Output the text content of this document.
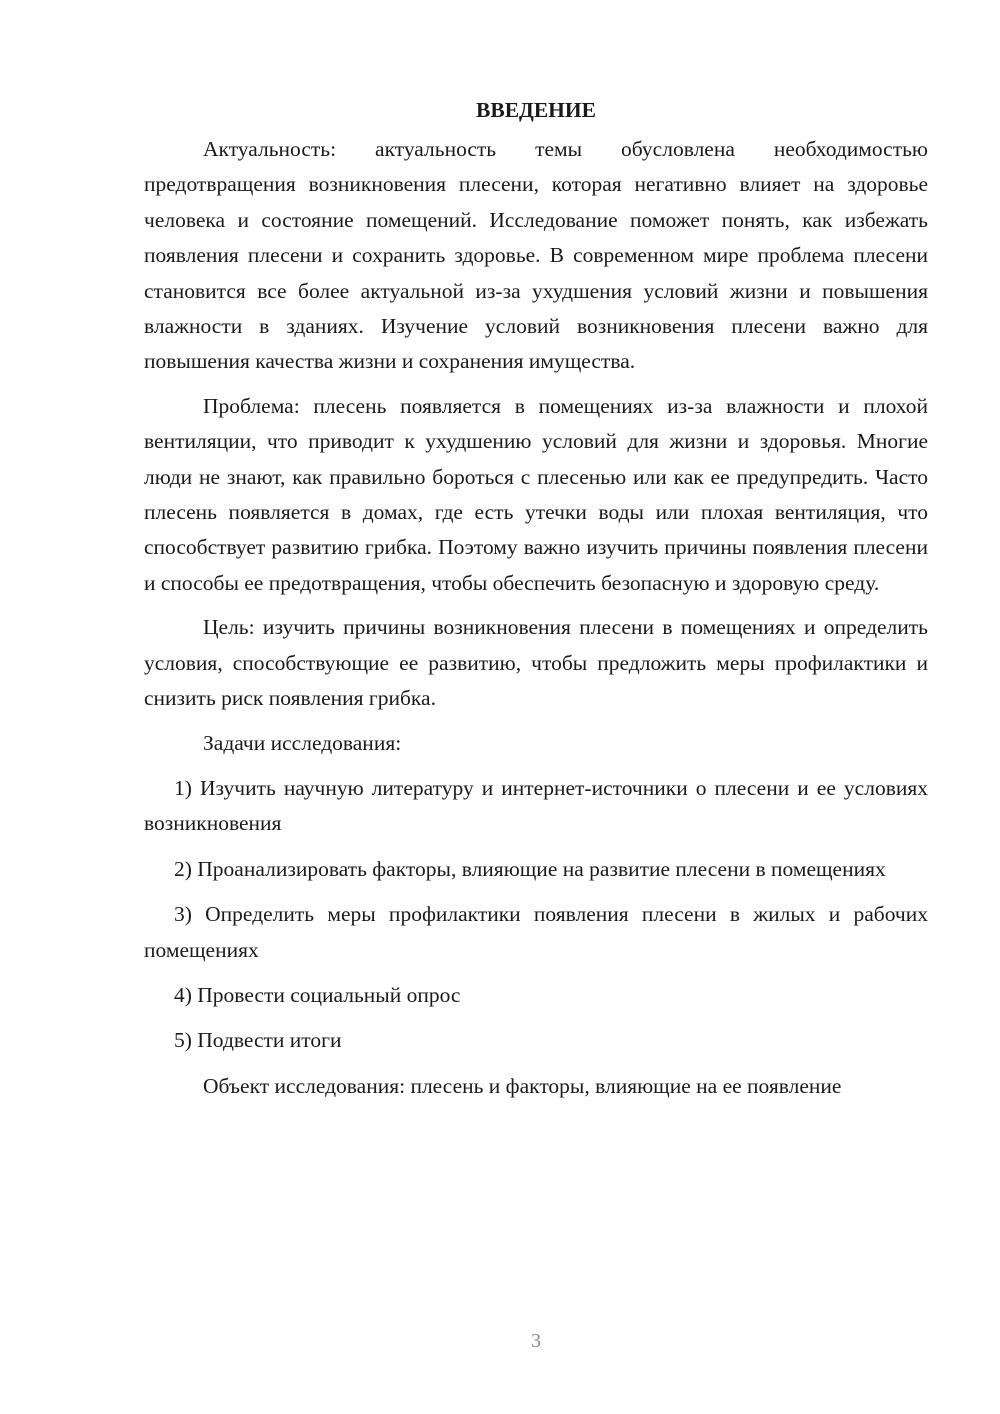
ВВЕДЕНИЕ

Актуальность: актуальность темы обусловлена необходимостью предотвращения возникновения плесени, которая негативно влияет на здоровье человека и состояние помещений. Исследование поможет понять, как избежать появления плесени и сохранить здоровье. В современном мире проблема плесени становится все более актуальной из-за ухудшения условий жизни и повышения влажности в зданиях. Изучение условий возникновения плесени важно для повышения качества жизни и сохранения имущества.

Проблема: плесень появляется в помещениях из-за влажности и плохой вентиляции, что приводит к ухудшению условий для жизни и здоровья. Многие люди не знают, как правильно бороться с плесенью или как ее предупредить. Часто плесень появляется в домах, где есть утечки воды или плохая вентиляция, что способствует развитию грибка. Поэтому важно изучить причины появления плесени и способы ее предотвращения, чтобы обеспечить безопасную и здоровую среду.

Цель: изучить причины возникновения плесени в помещениях и определить условия, способствующие ее развитию, чтобы предложить меры профилактики и снизить риск появления грибка.

Задачи исследования:

1) Изучить научную литературу и интернет-источники о плесени и ее условиях возникновения

2) Проанализировать факторы, влияющие на развитие плесени в помещениях

3) Определить меры профилактики появления плесени в жилых и рабочих помещениях

4) Провести социальный опрос

5) Подвести итоги

Объект исследования: плесень и факторы, влияющие на ее появление

3
